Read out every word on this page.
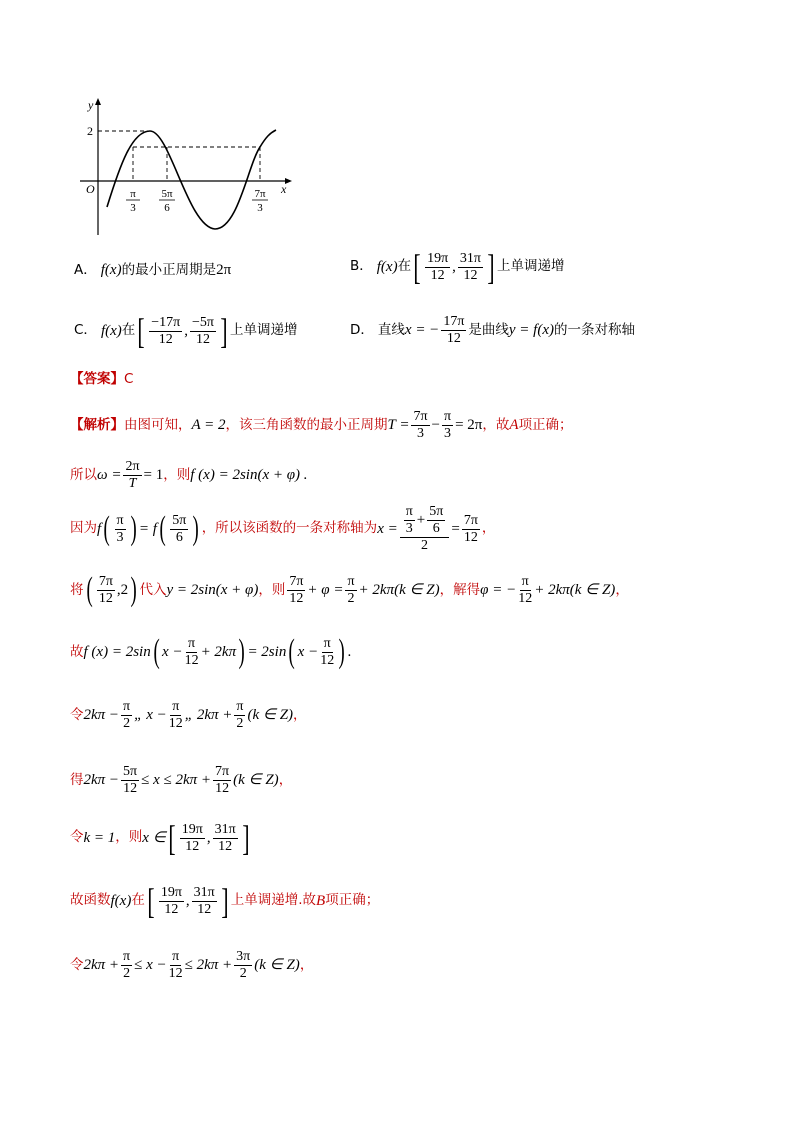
y
x
O
2
π
3
5π
6
7π
3
A． f(x) 的最小正周期是 2π	B． f(x) 在 [ $\frac{19\pi}{12}$ , $\frac{31\pi}{12}$ ] 上单调递增
C． f(x) 在 [ $\frac{-17\pi}{12}$ , $\frac{-5\pi}{12}$ ] 上单调递增	D． 直线 x = − $\frac{17\pi}{12}$ 是曲线 y = f(x) 的一条对称轴
【答案】 C
【解析】 由图可知， A = 2 ，该三角函数的最小正周期 $T = \frac{7\pi}{3} - \frac{\pi}{3} = 2\pi$ ，故 A 项正确；
所以 $\omega = \frac{2\pi}{T} = 1$ ，则 f (x) = 2sin(x + φ) .
因为 f ( $\frac{\pi}{3}$ ) = f ( $\frac{5\pi}{6}$ ) ，所以该函数的一条对称轴为 $x = \frac{\frac{\pi}{3} + \frac{5\pi}{6}}{2} = \frac{7\pi}{12}$ ，
将 ( $\frac{7\pi}{12} ,2$ ) 代入 y = 2sin(x + φ) ，则 $\frac{7\pi}{12} + \varphi = \frac{\pi}{2} + 2k\pi(k$ ∈ Z) ，解得 φ = − $\frac{\pi}{12} + 2k\pi(k$ ∈ Z) ，
故 f (x) = 2sin ( $x - \frac{\pi}{12} + 2k\pi$ ) = 2sin ( $x - \frac{\pi}{12}$ ) .
令 $2k\pi - \frac{\pi}{2}$ „ $x - \frac{\pi}{12}$ „ $2k\pi + \frac{\pi}{2} (k$ ∈ Z) ，
得 $2k\pi - \frac{5\pi}{12} \le x \le 2k\pi + \frac{7\pi}{12} (k$ ∈ Z) ，
令 k = 1 ，则 x ∈ [ $\frac{19\pi}{12}$ , $\frac{31\pi}{12}$ ]
故函数 f(x) 在 [ $\frac{19\pi}{12}$ , $\frac{31\pi}{12}$ ] 上单调递增.故 B 项正确；
令 $2k\pi + \frac{\pi}{2} \le x - \frac{\pi}{12} \le 2k\pi + \frac{3\pi}{2} (k$ ∈ Z) ，
